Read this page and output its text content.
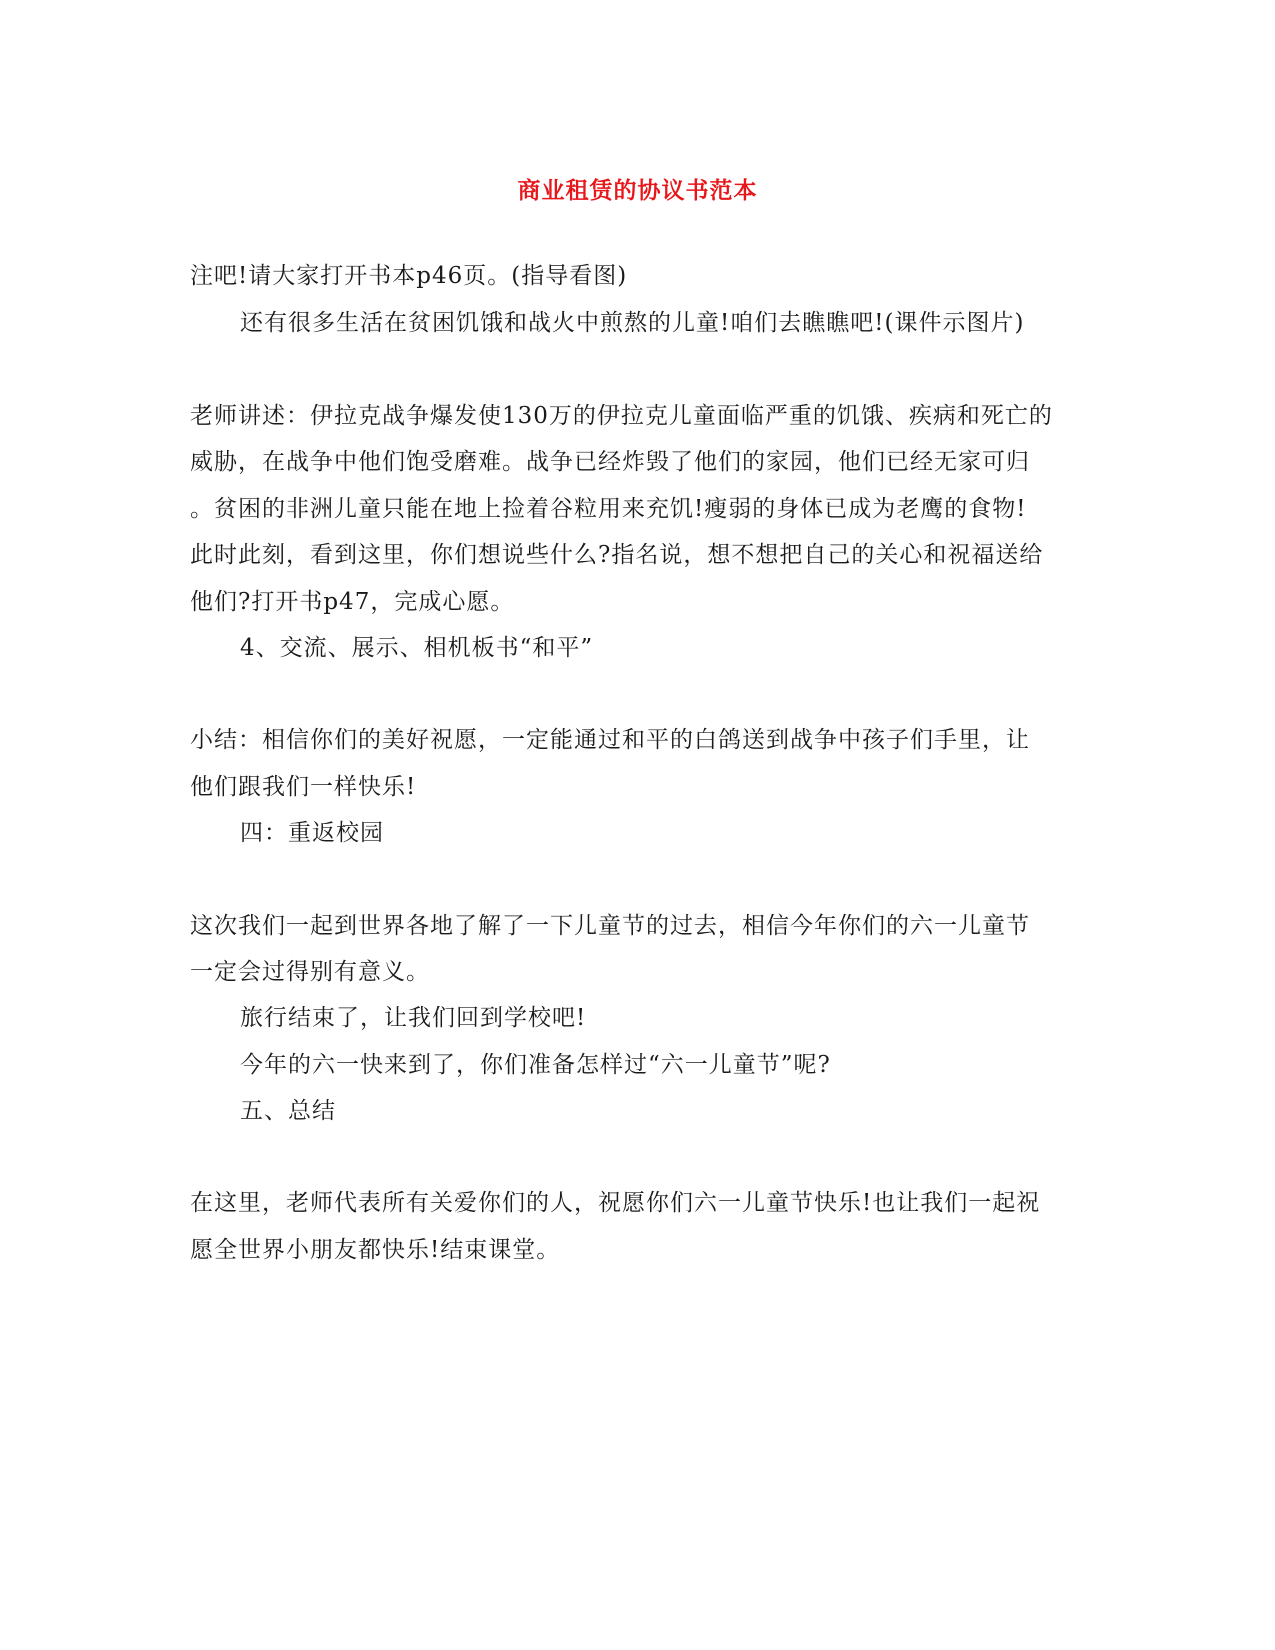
商业租赁的协议书范本
注吧!请大家打开书本p46页。(指导看图)
还有很多生活在贫困饥饿和战火中煎熬的儿童!咱们去瞧瞧吧!(课件示图片)
老师讲述：伊拉克战争爆发使130万的伊拉克儿童面临严重的饥饿、疾病和死亡的
威胁，在战争中他们饱受磨难。战争已经炸毁了他们的家园，他们已经无家可归
。贫困的非洲儿童只能在地上捡着谷粒用来充饥!瘦弱的身体已成为老鹰的食物!
此时此刻，看到这里，你们想说些什么?指名说，想不想把自己的关心和祝福送给
他们?打开书p47，完成心愿。
4、交流、展示、相机板书“和平”
小结：相信你们的美好祝愿，一定能通过和平的白鸽送到战争中孩子们手里，让
他们跟我们一样快乐!
四：重返校园
这次我们一起到世界各地了解了一下儿童节的过去，相信今年你们的六一儿童节
一定会过得别有意义。
旅行结束了，让我们回到学校吧!
今年的六一快来到了，你们准备怎样过“六一儿童节”呢?
五、总结
在这里，老师代表所有关爱你们的人，祝愿你们六一儿童节快乐!也让我们一起祝
愿全世界小朋友都快乐!结束课堂。
